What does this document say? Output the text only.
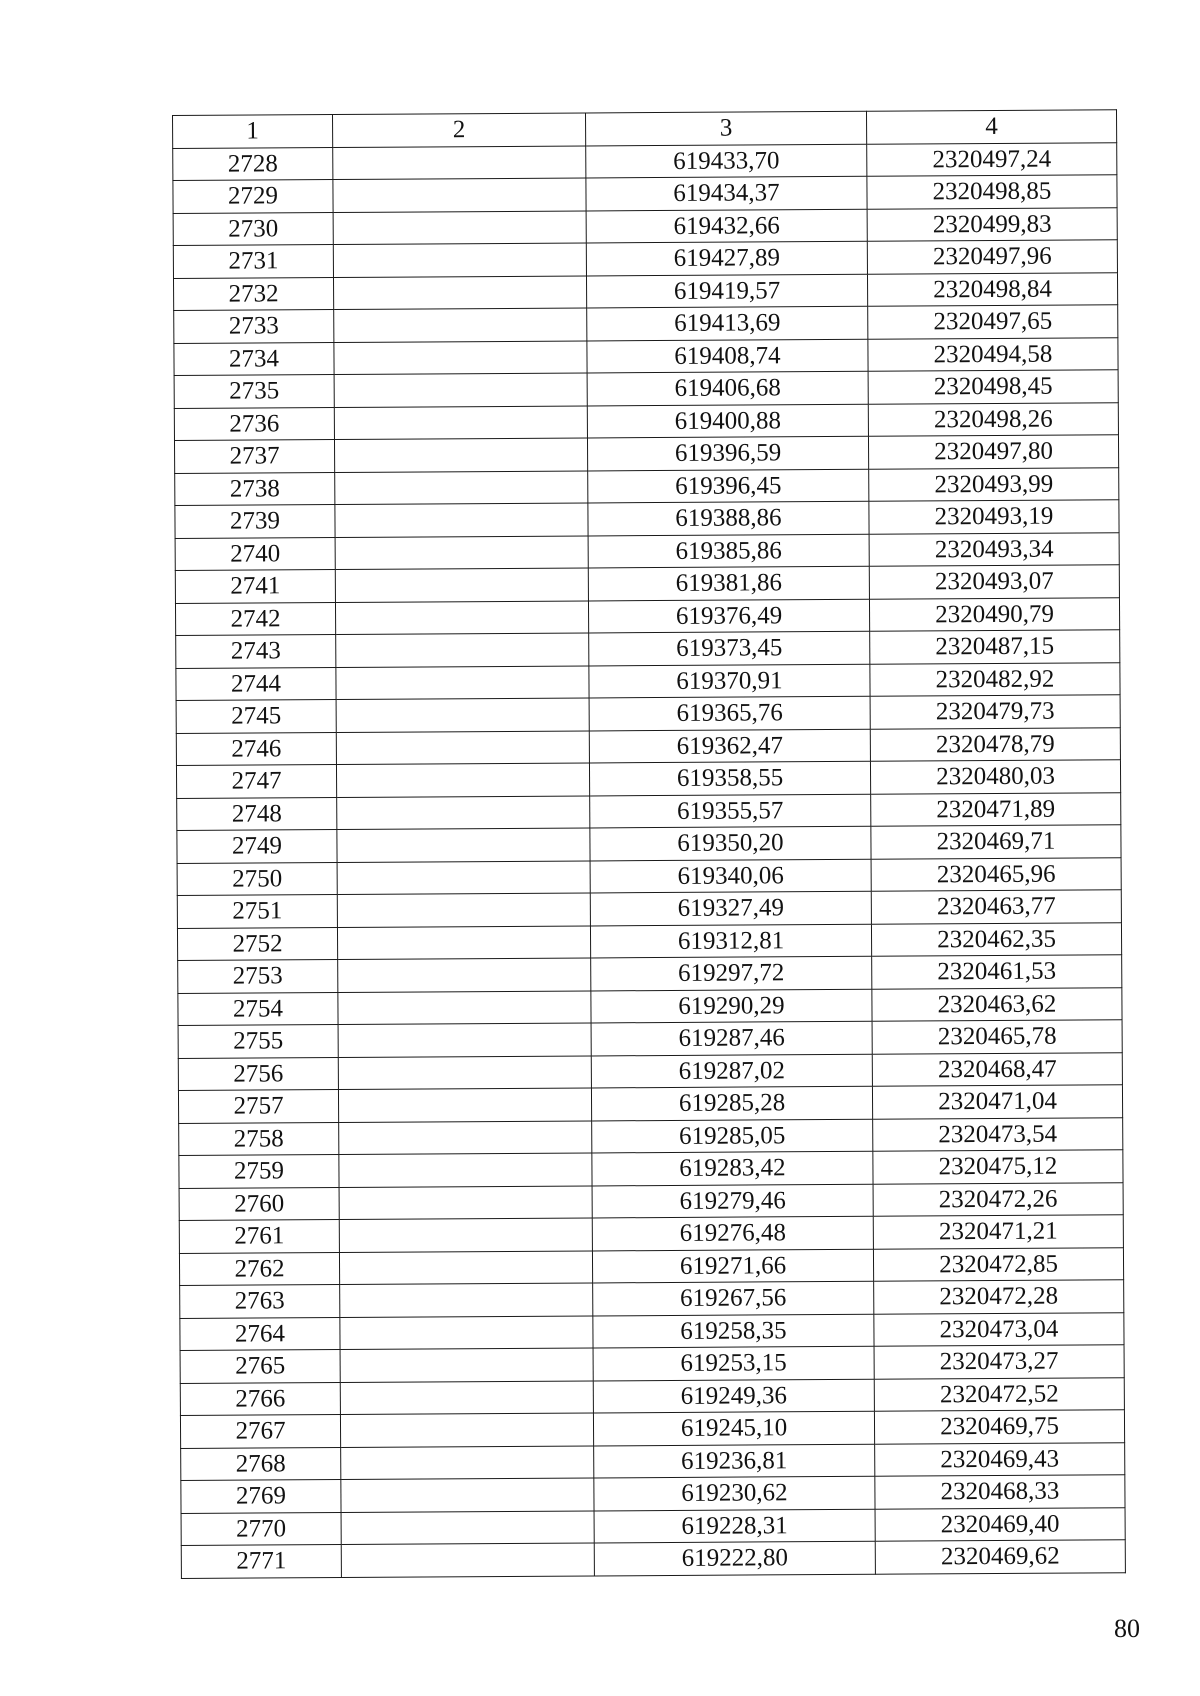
1	2	3	4
2728		619433,70	2320497,24
2729		619434,37	2320498,85
2730		619432,66	2320499,83
2731		619427,89	2320497,96
2732		619419,57	2320498,84
2733		619413,69	2320497,65
2734		619408,74	2320494,58
2735		619406,68	2320498,45
2736		619400,88	2320498,26
2737		619396,59	2320497,80
2738		619396,45	2320493,99
2739		619388,86	2320493,19
2740		619385,86	2320493,34
2741		619381,86	2320493,07
2742		619376,49	2320490,79
2743		619373,45	2320487,15
2744		619370,91	2320482,92
2745		619365,76	2320479,73
2746		619362,47	2320478,79
2747		619358,55	2320480,03
2748		619355,57	2320471,89
2749		619350,20	2320469,71
2750		619340,06	2320465,96
2751		619327,49	2320463,77
2752		619312,81	2320462,35
2753		619297,72	2320461,53
2754		619290,29	2320463,62
2755		619287,46	2320465,78
2756		619287,02	2320468,47
2757		619285,28	2320471,04
2758		619285,05	2320473,54
2759		619283,42	2320475,12
2760		619279,46	2320472,26
2761		619276,48	2320471,21
2762		619271,66	2320472,85
2763		619267,56	2320472,28
2764		619258,35	2320473,04
2765		619253,15	2320473,27
2766		619249,36	2320472,52
2767		619245,10	2320469,75
2768		619236,81	2320469,43
2769		619230,62	2320468,33
2770		619228,31	2320469,40
2771		619222,80	2320469,62
80
